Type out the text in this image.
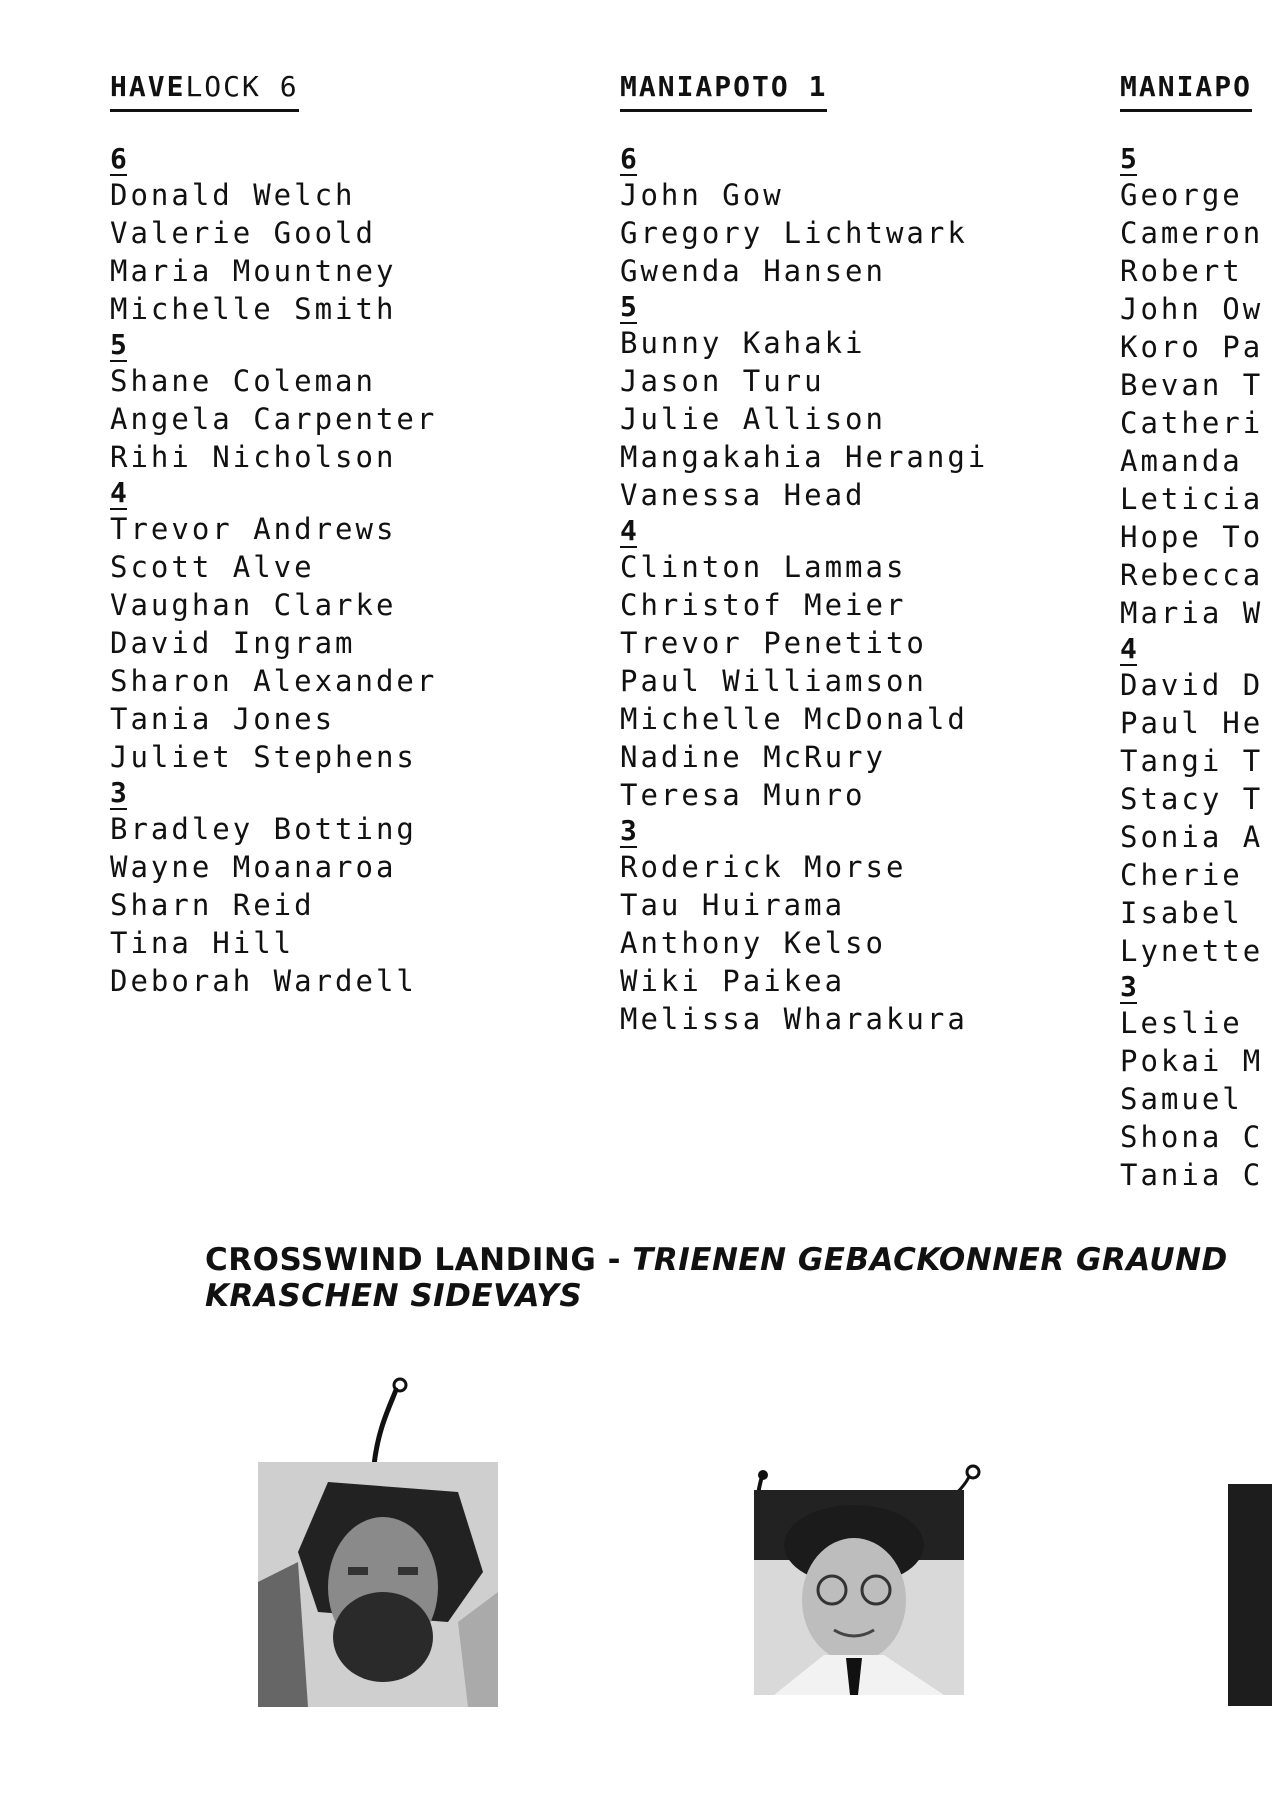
HAVELOCK 6
6
Donald Welch
Valerie Goold
Maria Mountney
Michelle Smith
5
Shane Coleman
Angela Carpenter
Rihi Nicholson
4
Trevor Andrews
Scott Alve
Vaughan Clarke
David Ingram
Sharon Alexander
Tania Jones
Juliet Stephens
3
Bradley Botting
Wayne Moanaroa
Sharn Reid
Tina Hill
Deborah Wardell
MANIAPOTO 1
6
John Gow
Gregory Lichtwark
Gwenda Hansen
5
Bunny Kahaki
Jason Turu
Julie Allison
Mangakahia Herangi
Vanessa Head
4
Clinton Lammas
Christof Meier
Trevor Penetito
Paul Williamson
Michelle McDonald
Nadine McRury
Teresa Munro
3
Roderick Morse
Tau Huirama
Anthony Kelso
Wiki Paikea
Melissa Wharakura
MANIAPO
5
George
Cameron
Robert
John Ow
Koro Pa
Bevan T
Catheri
Amanda
Leticia
Hope To
Rebecca
Maria W
4
David D
Paul He
Tangi T
Stacy T
Sonia A
Cherie
Isabel
Lynette
3
Leslie
Pokai M
Samuel
Shona C
Tania C
CROSSWIND LANDING - TRIENEN GEBACKONNER GRAUND
KRASCHEN SIDEVAYS
